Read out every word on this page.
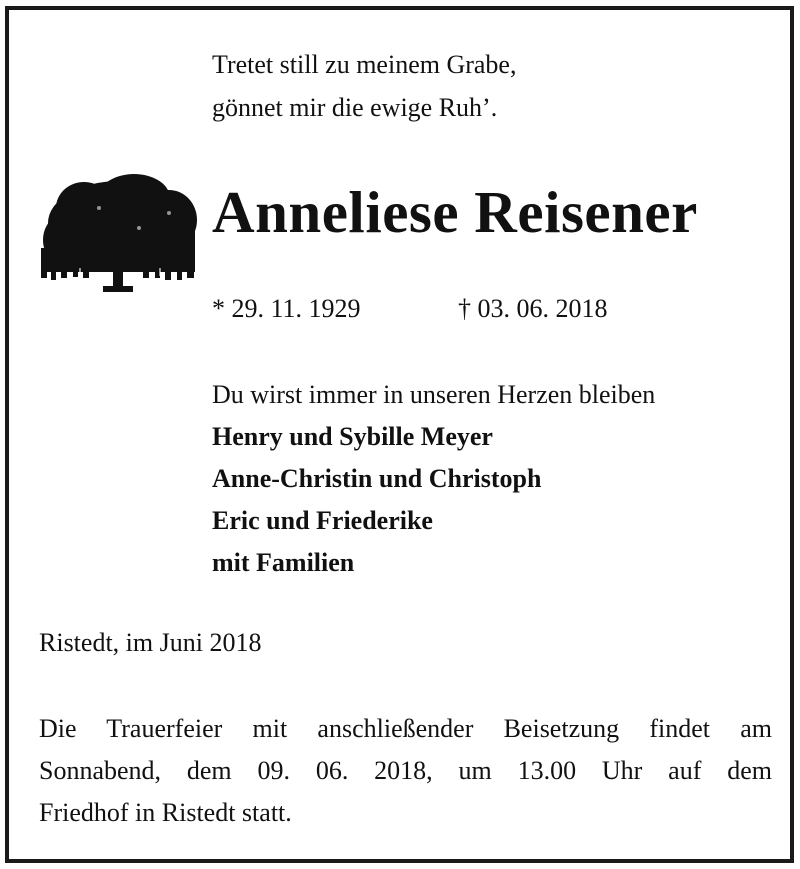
Tretet still zu meinem Grabe,
gönnet mir die ewige Ruh’.
Anneliese Reisener
* 29. 11. 1929	† 03. 06. 2018
Du wirst immer in unseren Herzen bleiben
Henry und Sybille Meyer
Anne-Christin und Christoph
Eric und Friederike
mit Familien
Ristedt, im Juni 2018
Die Trauerfeier mit anschließender Beisetzung findet am
Sonnabend, dem 09. 06. 2018, um 13.00 Uhr auf dem
Friedhof in Ristedt statt.
